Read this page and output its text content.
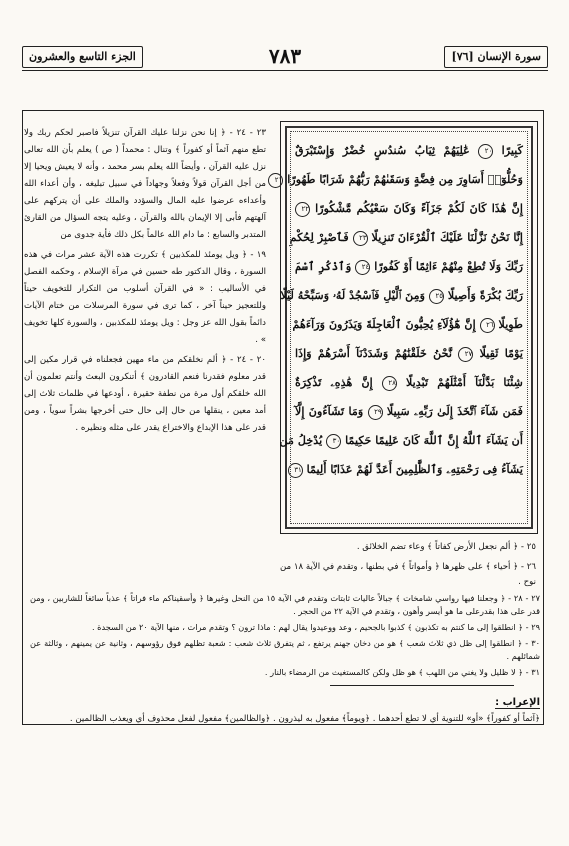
الجزء التاسع والعشرون	٧٨٣	سورة الإنسان [٧٦]

٢٣ - ٢٤ - ﴿ إنا نحن نزلنا عليك القرآن تنزيلاً فاصبر لحكم ربك ولا تطع منهم آثماً أو كفوراً ﴾ وتنال : محمداً ( ص ) يعلم بأن الله تعالى نزل عليه القرآن ، وأيضاً الله يعلم بسر محمد ، وأنه لا يعيش ويحيا إلا من أجل القرآن قولاً وفعلاً وجهاداً في سبيل تبليغه ، وأن أعداء الله وأعداءه عرضوا عليه المال والسؤدد والملك على أن يتركهم على آلهتهم فأبى إلا الإيمان بالله والقرآن ، وعليه يتجه السؤال من القارئ المتدبر والسابع : ما دام الله عالماً بكل ذلك فأية جدوى من

١٩ - ﴿ ويل يومئذ للمكذبين ﴾ تكررت هذه الآية عشر مرات في هذه السورة ، وقال الدكتور طه حسين في مرآة الإسلام ، وحكمه الفصل في الأساليب : « في القرآن أسلوب من التكرار للتخويف حيناً وللتعجيز حيناً آخر ، كما ترى في سورة المرسلات من ختام الآيات دائماً بقول الله عز وجل : ويل يومئذ للمكذبين ، والسورة كلها تخويف » .

٢٠ - ٢٤ - ﴿ ألم نخلقكم من ماء مهين فجعلناه في قرار مكين إلى قدر معلوم فقدرنا فنعم القادرون ﴾ أتنكرون البعث وأنتم تعلمون أن الله خلقكم أول مرة من نطفة حقيرة ، أودعها في ظلمات ثلاث إلى أمد معين ، ينقلها من حال إلى حال حتى أخرجها بشراً سوياً ، ومن قدر على هذا الإبداع والاختراع يقدر على مثله ونظيره .

كَبِيرًا ٢٠ عَٰلِيَهُمْ ثِيَابُ سُندُسٍ خُضْرٌ وَإِسْتَبْرَقٌ
وَحُلُّوٓا۟ أَسَاوِرَ مِن فِضَّةٍ وَسَقَىٰهُمْ رَبُّهُمْ شَرَابًا طَهُورًا ٢١
إِنَّ هَٰذَا كَانَ لَكُمْ جَزَآءً وَكَانَ سَعْيُكُم مَّشْكُورًا ٢٢
إِنَّا نَحْنُ نَزَّلْنَا عَلَيْكَ ٱلْقُرْءَانَ تَنزِيلًا ٢٣ فَٱصْبِرْ لِحُكْمِ
رَبِّكَ وَلَا تُطِعْ مِنْهُمْ ءَاثِمًا أَوْ كَفُورًا ٢٤ وَٱذْكُرِ ٱسْمَ
رَبِّكَ بُكْرَةً وَأَصِيلًا ٢٥ وَمِنَ ٱلَّيْلِ فَٱسْجُدْ لَهُۥ وَسَبِّحْهُ لَيْلًا
طَوِيلًا ٢٦ إِنَّ هَٰٓؤُلَآءِ يُحِبُّونَ ٱلْعَاجِلَةَ وَيَذَرُونَ وَرَآءَهُمْ
يَوْمًا ثَقِيلًا ٢٧ نَّحْنُ خَلَقْنَٰهُمْ وَشَدَدْنَآ أَسْرَهُمْ وَإِذَا
شِئْنَا بَدَّلْنَآ أَمْثَٰلَهُمْ تَبْدِيلًا ٢٨ إِنَّ هَٰذِهِۦ تَذْكِرَةٌ
فَمَن شَآءَ ٱتَّخَذَ إِلَىٰ رَبِّهِۦ سَبِيلًا ٢٩ وَمَا تَشَآءُونَ إِلَّآ
أَن يَشَآءَ ٱللَّهُ إِنَّ ٱللَّهَ كَانَ عَلِيمًا حَكِيمًا ٣٠ يُدْخِلُ مَن
يَشَآءُ فِى رَحْمَتِهِۦ وَٱلظَّٰلِمِينَ أَعَدَّ لَهُمْ عَذَابًا أَلِيمًا ٣١
٢٥ - ﴿ ألم نجعل الأرض كفاتاً ﴾ وعاء تضم الخلائق .
٢٦ - ﴿ أحياء ﴾ على ظهرها ﴿ وأمواتاً ﴾ في بطنها ، وتقدم في الآية ١٨ من نوح .
٢٧ - ٢٨ - ﴿ وجعلنا فيها رواسي شامخات ﴾ جبالاً عاليات ثابتات وتقدم في الآية ١٥ من النحل وغيرها ﴿ وأسقيناكم ماء فراتاً ﴾ عذباً سائغاً للشاربين ، ومن قدر على هذا بقدرعلى ما هو أيسر وأهون ، وتقدم في الآية ٢٢ من الحجر .
٢٩ - ﴿ انطلقوا إلى ما كنتم به تكذبون ﴾ كذبوا بالجحيم ، وعد ووعيدوا يقال لهم : ماذا ترون ؟ وتقدم مرات ، منها الآية ٢٠ من السجدة .
الإعراب :
﴿آثماً أو كفوراً﴾ «أو» للتنوية أي لا تطع أحدهما . ﴿ويوماً﴾ مفعول به ليذرون . ﴿والظالمين﴾ مفعول لفعل محذوف أي ويعذب الظالمين .
٣٠ - ﴿ انطلقوا إلى ظل ذي ثلاث شعب ﴾ هو من دخان جهنم يرتفع ، ثم يتفرق ثلاث شعب : شعبة تظلهم فوق رؤوسهم ، وثانية عن يمينهم ، وثالثة عن شمائلهم .
٣١ - ﴿ لا ظليل ولا يغني من اللهب ﴾ هو ظل ولكن كالمستغيث من الرمضاء بالنار .
